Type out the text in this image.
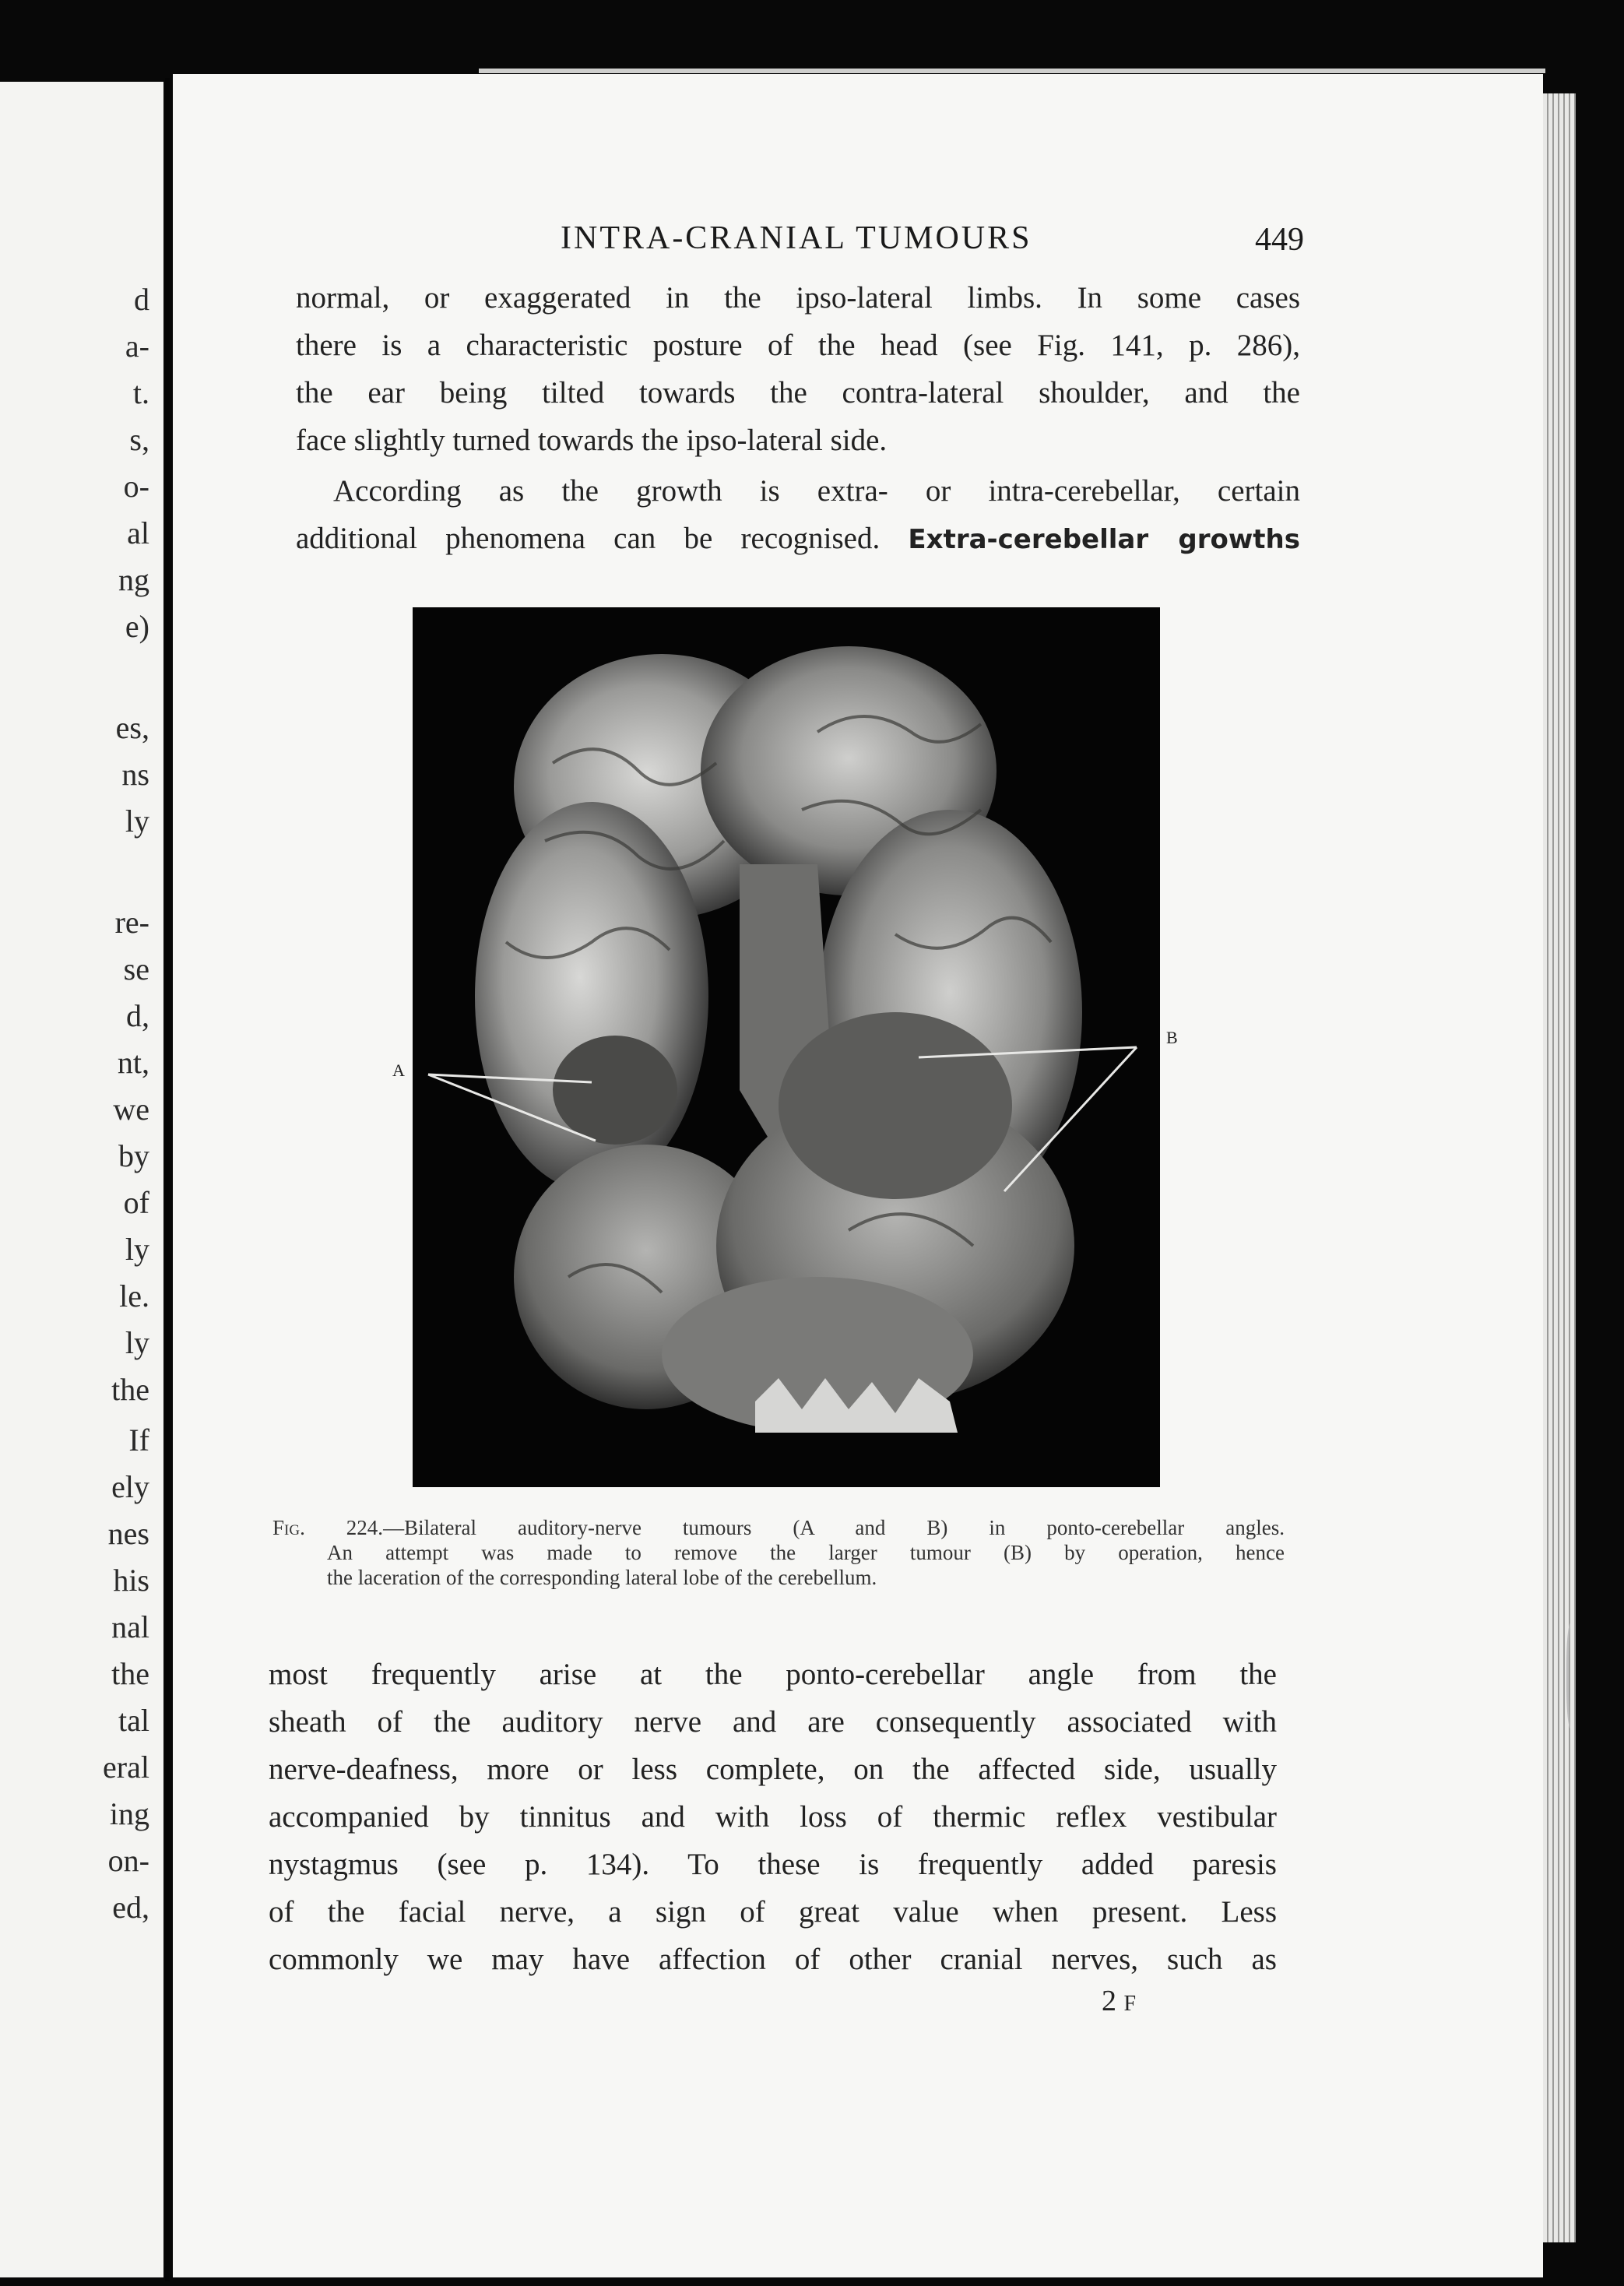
d
a-
t.
s,
o-
al
ng
e)
es,
ns
ly
re-
se
d,
nt,
we
by
of
ly
le.
ly
the
If
ely
nes
his
nal
the
tal
eral
ing
on-
ed,
INTRA-CRANIAL TUMOURS	449

normal, or exaggerated in the ipso-lateral limbs. In some cases
there is a characteristic posture of the head (see Fig. 141, p. 286),
the ear being tilted towards the contra-lateral shoulder, and the
face slightly turned towards the ipso-lateral side.

According as the growth is extra- or intra-cerebellar, certain
additional phenomena can be recognised. Extra-cerebellar growths

A
B
Fig. 224.—Bilateral auditory-nerve tumours (A and B) in ponto-cerebellar angles.
An attempt was made to remove the larger tumour (B) by operation, hence
the laceration of the corresponding lateral lobe of the cerebellum.

most frequently arise at the ponto-cerebellar angle from the
sheath of the auditory nerve and are consequently associated with
nerve-deafness, more or less complete, on the affected side, usually
accompanied by tinnitus and with loss of thermic reflex vestibular
nystagmus (see p. 134). To these is frequently added paresis
of the facial nerve, a sign of great value when present. Less
commonly we may have affection of other cranial nerves, such as

2 F
